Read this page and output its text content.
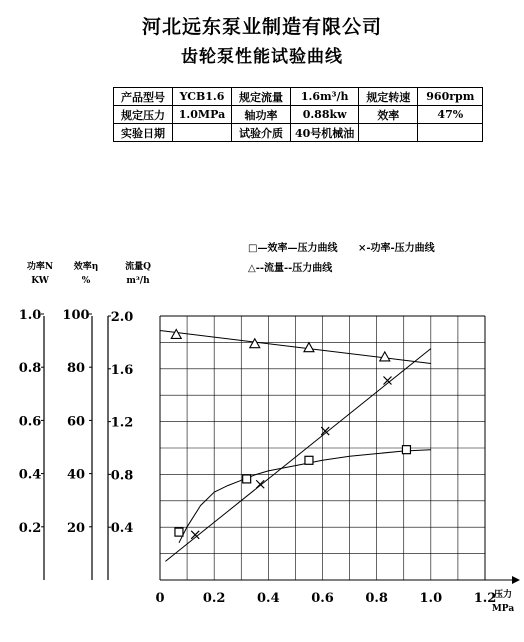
河北远东泵业制造有限公司
齿轮泵性能试验曲线
产品型号	YCB1.6	规定流量	1.6m³/h	规定转速	960rpm
规定压力	1.0MPa	轴功率	0.88kw	效率	47%
实验日期		试验介质	40号机械油		
0	0.2 0.4 0.6 0.8 1.0 1.2
压力
MPa
功率N
KW
1.0
0.8
0.6
0.4
0.2
效率η
%
100
80
60
40
20
流量Q
m³/h
2.0
1.6
1.2
0.8
0.4
□—效率—压力曲线 ×-功率-压力曲线
△--流量--压力曲线
